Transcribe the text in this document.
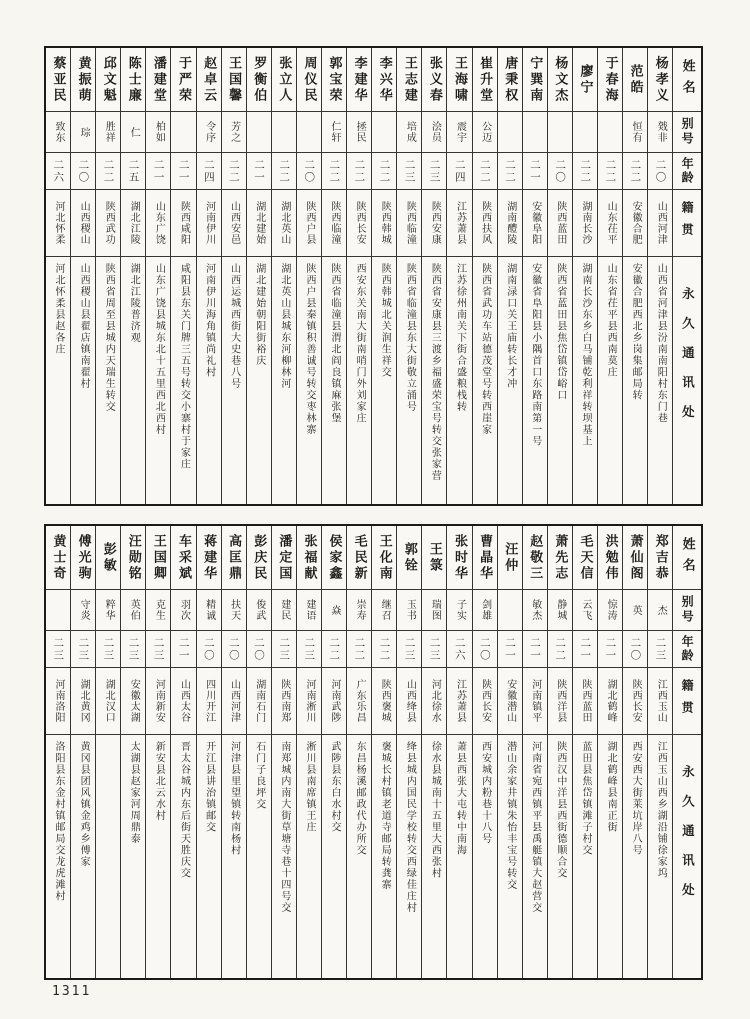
姓名
别号
年龄
籍贯
永久通讯处
杨孝义
戣非
二〇
山西河津
山西省河津县汾南南阳村东门巷
范皓
恒有
二二
安徽合肥
安徽合肥西北乡岗集邮局转
于春海
二二
山东茌平
山东省茌平县西南莫庄
廖宁
二二
湖南长沙
湖南长沙东乡白马铺乾利祥转坝基上
杨文杰
二〇
陕西蓝田
陕西省蓝田县焦岱镇岱峪口
宁巽南
二一
安徽阜阳
安徽省阜阳县小隅首口东路南第一号
唐秉权
二二
湖南醴陵
湖南渌口关王庙转长才冲
崔升堂
公迈
二二
陕西扶风
陕西省武功车站德茂堂号转西崖家
王海啸
震宇
二四
江苏萧县
江苏徐州南关下街合盛粮栈转
张义春
浍员
二三
陕西安康
陕西省安康县三渡乡福盛荣宝号转交张家营
王志建
培成
二三
陕西临潼
陕西省临潼县东大街敬立涌号
李兴华
二二
陕西韩城
陕西韩城北关润生祥交
李建华
拯民
二二
陕西长安
西安东关南大街南哨门外刘家庄
郭宝荣
仁轩
二二
陕西临潼
陕西省临潼县渭北阎良镇麻张堡
周仪民
二〇
陕西户县
陕西户县秦镇积善诚号转交枣林寨
张立人
二二
湖北英山
湖北英山县城东河柳林河
罗衡伯
二一
湖北建始
湖北建始朝阳街裕庆
王国馨
芳之
二二
山西安邑
山西运城西街大史巷八号
赵卓云
令序
二四
河南伊川
河南伊川海角镇尚礼村
于严荣
二一
陕西咸阳
咸阳县东关门牌三五号转交小寨村于家庄
潘建堂
柏如
二一
山东广饶
山东广饶县城东北十五里西北西村
陈士廉
仁
二五
湖北江陵
湖北江陵普济观
邱文魁
胜祥
二二
陕西武功
陕西省周至县城内天瑞生转交
黄振萌
琮
二〇
山西稷山
山西稷山县翟店镇南翟村
蔡亚民
致东
二六
河北怀柔
河北怀柔县赵各庄
姓名
别号
年龄
籍贯
永久通讯处
郑吉恭
杰
二三
江西玉山
江西玉山西乡湖沿铺徐家坞
萧仙阁
英
二〇
陕西长安
西安西大街莱坑岸八号
洪勉伟
惊涛
二一
湖北鹤峰
湖北鹤峰县南正街
毛天信
云飞
二一
陕西蓝田
蓝田县焦岱镇滩子村交
萧先志
静城
二二
陕西洋县
陕西汉中洋县西街德顺合交
赵敬三
敏杰
二一
河南镇平
河南省宛西镇平县禹艇镇大赵营交
汪仲
二一
安徽潜山
潜山余家井镇朱怡丰宝号转交
曹晶华
剑雄
二〇
陕西长安
西安城内粉巷十八号
张时华
子实
二六
江苏萧县
萧县西张大屯转中南海
王箓
瑞图
二三
河北徐水
徐水县城南十五里大西张村
郭铨
玉书
二三
山西绛县
绛县城内国民学校转交西绿佳庄村
王化南
继召
二二
陕西褒城
褒城长村镇老道寺邮局转龚寨
毛民新
崇寿
二二
广东乐昌
东昌杨溪邮政代办所交
侯家鑫
焱
二二
河南武陟
武陟县东白水村交
张福献
建语
二三
河南淅川
淅川县南席镇王庄
潘定国
建民
二三
陕西南郑
南郑城内南大街草塘寺巷十四号交
彭庆民
俊武
二〇
湖南石门
石门子良坪交
高匡鼎
扶天
二〇
山西河津
河津县里望镇转南杨村
蒋建华
精诚
二〇
四川开江
开江县讲治镇邮交
车采斌
羽次
二一
山西太谷
晋太谷城内东后街天胜庆交
王国卿
克生
二三
河南新安
新安县北云水村
汪勋铭
英伯
二三
安徽太湖
太湖县赵家河周鼎泰
彭敏
粹华
二三
湖北汉口
傅光驹
守炎
二三
湖北黄冈
黄冈县团风镇金鸡乡傅家
黄士奇
二三
河南洛阳
洛阳县东金村镇邮局交龙虎滩村
1311
